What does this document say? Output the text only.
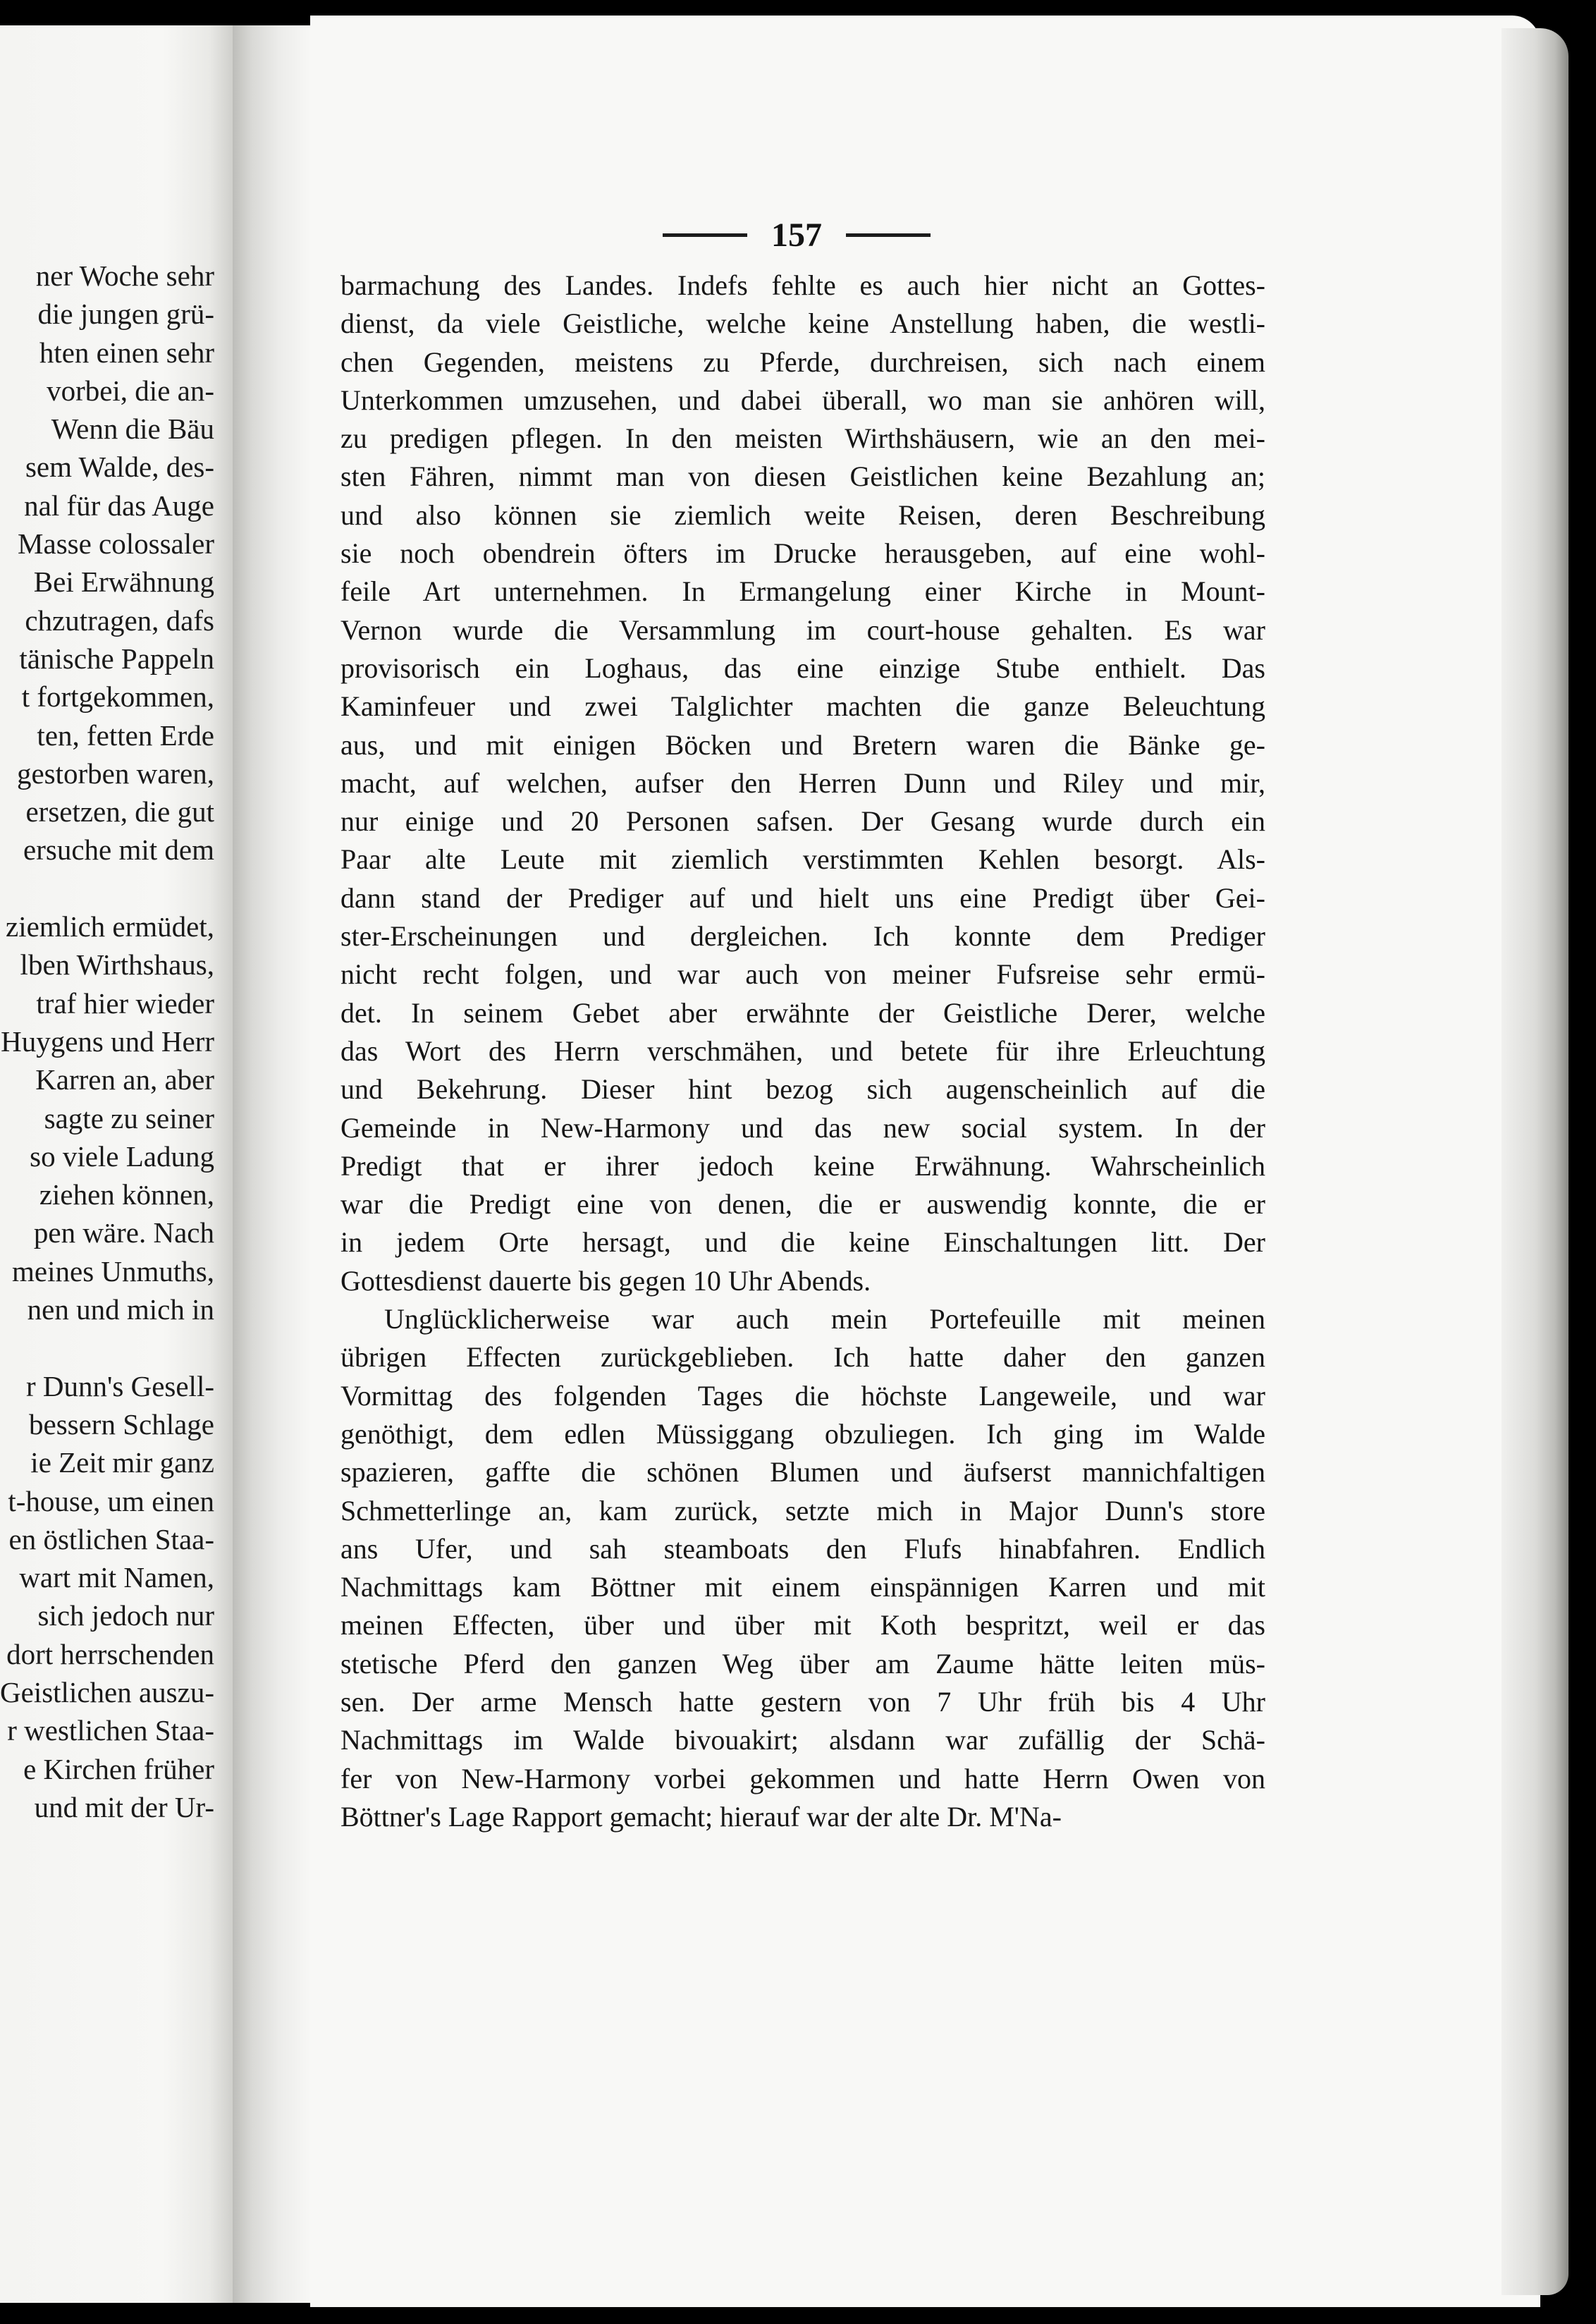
ner Woche sehr
die jungen grü-
hten einen sehr
vorbei, die an-
Wenn die Bäu
sem Walde, des-
nal für das Auge
Masse colossaler
Bei Erwähnung
chzutragen, dafs
tänische Pappeln
t fortgekommen,
ten, fetten Erde
gestorben waren,
ersetzen, die gut
ersuche mit dem
ziemlich ermüdet,
lben Wirthshaus,
traf hier wieder
Huygens und Herr
Karren an, aber
sagte zu seiner
so viele Ladung
ziehen können,
pen wäre. Nach
meines Unmuths,
nen und mich in
r Dunn's Gesell-
bessern Schlage
ie Zeit mir ganz
t-house, um einen
en östlichen Staa-
wart mit Namen,
sich jedoch nur
dort herrschenden
Geistlichen auszu-
r westlichen Staa-
e Kirchen früher
und mit der Ur-
157
barmachung des Landes. Indefs fehlte es auch hier nicht an Gottes-
dienst, da viele Geistliche, welche keine Anstellung haben, die westli-
chen Gegenden, meistens zu Pferde, durchreisen, sich nach einem
Unterkommen umzusehen, und dabei überall, wo man sie anhören will,
zu predigen pflegen. In den meisten Wirthshäusern, wie an den mei-
sten Fähren, nimmt man von diesen Geistlichen keine Bezahlung an;
und also können sie ziemlich weite Reisen, deren Beschreibung
sie noch obendrein öfters im Drucke herausgeben, auf eine wohl-
feile Art unternehmen. In Ermangelung einer Kirche in Mount-
Vernon wurde die Versammlung im court-house gehalten. Es war
provisorisch ein Loghaus, das eine einzige Stube enthielt. Das
Kaminfeuer und zwei Talglichter machten die ganze Beleuchtung
aus, und mit einigen Böcken und Bretern waren die Bänke ge-
macht, auf welchen, aufser den Herren Dunn und Riley und mir,
nur einige und 20 Personen safsen. Der Gesang wurde durch ein
Paar alte Leute mit ziemlich verstimmten Kehlen besorgt. Als-
dann stand der Prediger auf und hielt uns eine Predigt über Gei-
ster-Erscheinungen und dergleichen. Ich konnte dem Prediger
nicht recht folgen, und war auch von meiner Fufsreise sehr ermü-
det. In seinem Gebet aber erwähnte der Geistliche Derer, welche
das Wort des Herrn verschmähen, und betete für ihre Erleuchtung
und Bekehrung. Dieser hint bezog sich augenscheinlich auf die
Gemeinde in New-Harmony und das new social system. In der
Predigt that er ihrer jedoch keine Erwähnung. Wahrscheinlich
war die Predigt eine von denen, die er auswendig konnte, die er
in jedem Orte hersagt, und die keine Einschaltungen litt. Der
Gottesdienst dauerte bis gegen 10 Uhr Abends.
Unglücklicherweise war auch mein Portefeuille mit meinen
übrigen Effecten zurückgeblieben. Ich hatte daher den ganzen
Vormittag des folgenden Tages die höchste Langeweile, und war
genöthigt, dem edlen Müssiggang obzuliegen. Ich ging im Walde
spazieren, gaffte die schönen Blumen und äufserst mannichfaltigen
Schmetterlinge an, kam zurück, setzte mich in Major Dunn's store
ans Ufer, und sah steamboats den Flufs hinabfahren. Endlich
Nachmittags kam Böttner mit einem einspännigen Karren und mit
meinen Effecten, über und über mit Koth bespritzt, weil er das
stetische Pferd den ganzen Weg über am Zaume hätte leiten müs-
sen. Der arme Mensch hatte gestern von 7 Uhr früh bis 4 Uhr
Nachmittags im Walde bivouakirt; alsdann war zufällig der Schä-
fer von New-Harmony vorbei gekommen und hatte Herrn Owen von
Böttner's Lage Rapport gemacht; hierauf war der alte Dr. M'Na-
